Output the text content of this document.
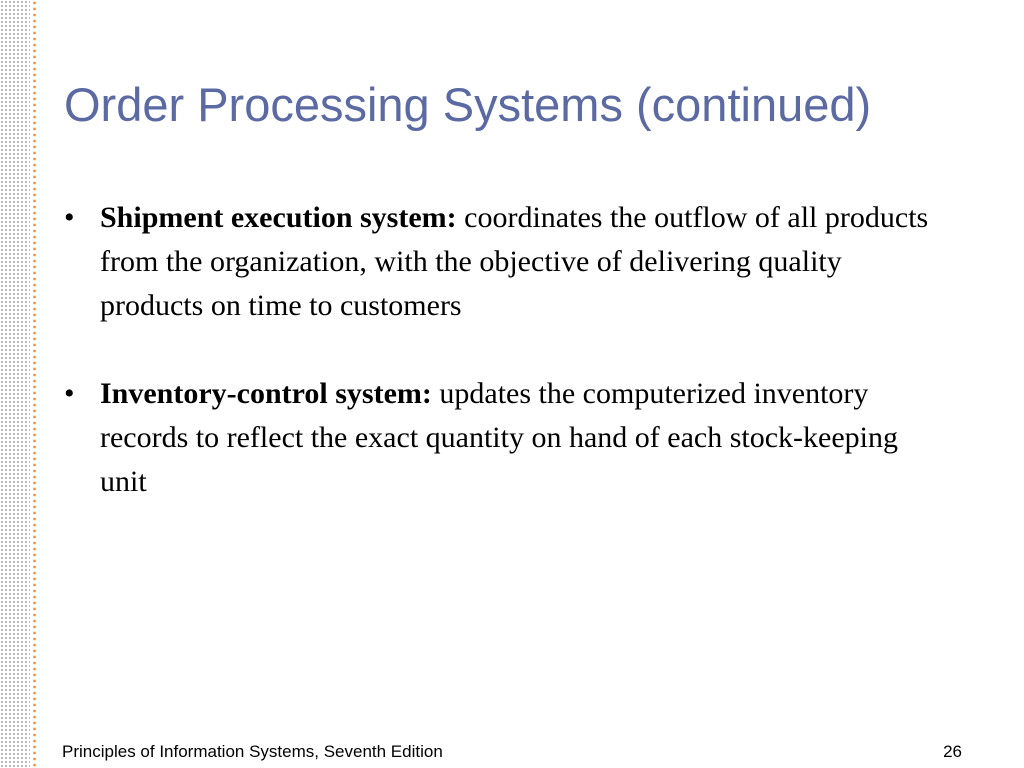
Order Processing Systems (continued)
• Shipment execution system: coordinates the outflow of all products from the organization, with the objective of delivering quality products on time to customers
• Inventory-control system: updates the computerized inventory records to reflect the exact quantity on hand of each stock-keeping unit
Principles of Information Systems, Seventh Edition	26
